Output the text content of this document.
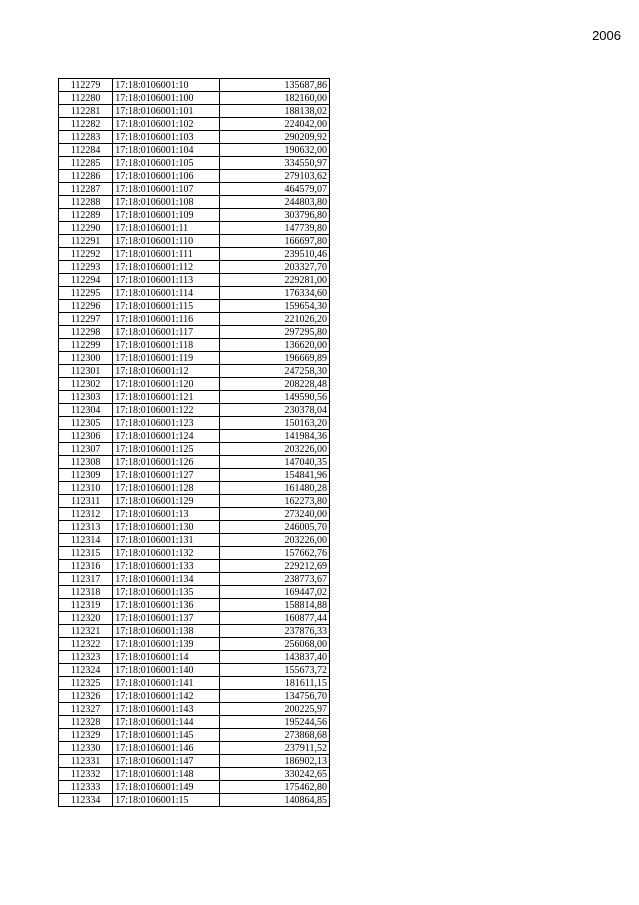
2006
112279	17:18:0106001:10	135687,86
112280	17:18:0106001:100	182160,00
112281	17:18:0106001:101	188138,02
112282	17:18:0106001:102	224042,00
112283	17:18:0106001:103	290209,92
112284	17:18:0106001:104	190632,00
112285	17:18:0106001:105	334550,97
112286	17:18:0106001:106	279103,62
112287	17:18:0106001:107	464579,07
112288	17:18:0106001:108	244803,80
112289	17:18:0106001:109	303796,80
112290	17:18:0106001:11	147739,80
112291	17:18:0106001:110	166697,80
112292	17:18:0106001:111	239510,46
112293	17:18:0106001:112	203327,70
112294	17:18:0106001:113	229281,00
112295	17:18:0106001:114	176334,60
112296	17:18:0106001:115	159654,30
112297	17:18:0106001:116	221026,20
112298	17:18:0106001:117	297295,80
112299	17:18:0106001:118	136620,00
112300	17:18:0106001:119	196669,89
112301	17:18:0106001:12	247258,30
112302	17:18:0106001:120	208228,48
112303	17:18:0106001:121	149590,56
112304	17:18:0106001:122	230378,04
112305	17:18:0106001:123	150163,20
112306	17:18:0106001:124	141984,36
112307	17:18:0106001:125	203226,00
112308	17:18:0106001:126	147040,35
112309	17:18:0106001:127	154841,96
112310	17:18:0106001:128	161480,28
112311	17:18:0106001:129	162273,80
112312	17:18:0106001:13	273240,00
112313	17:18:0106001:130	246005,70
112314	17:18:0106001:131	203226,00
112315	17:18:0106001:132	157662,76
112316	17:18:0106001:133	229212,69
112317	17:18:0106001:134	238773,67
112318	17:18:0106001:135	169447,02
112319	17:18:0106001:136	158814,88
112320	17:18:0106001:137	160877,44
112321	17:18:0106001:138	237876,33
112322	17:18:0106001:139	256068,00
112323	17:18:0106001:14	143837,40
112324	17:18:0106001:140	155673,72
112325	17:18:0106001:141	181611,15
112326	17:18:0106001:142	134756,70
112327	17:18:0106001:143	200225,97
112328	17:18:0106001:144	195244,56
112329	17:18:0106001:145	273868,68
112330	17:18:0106001:146	237911,52
112331	17:18:0106001:147	186902,13
112332	17:18:0106001:148	330242,65
112333	17:18:0106001:149	175462,80
112334	17:18:0106001:15	140864,85
